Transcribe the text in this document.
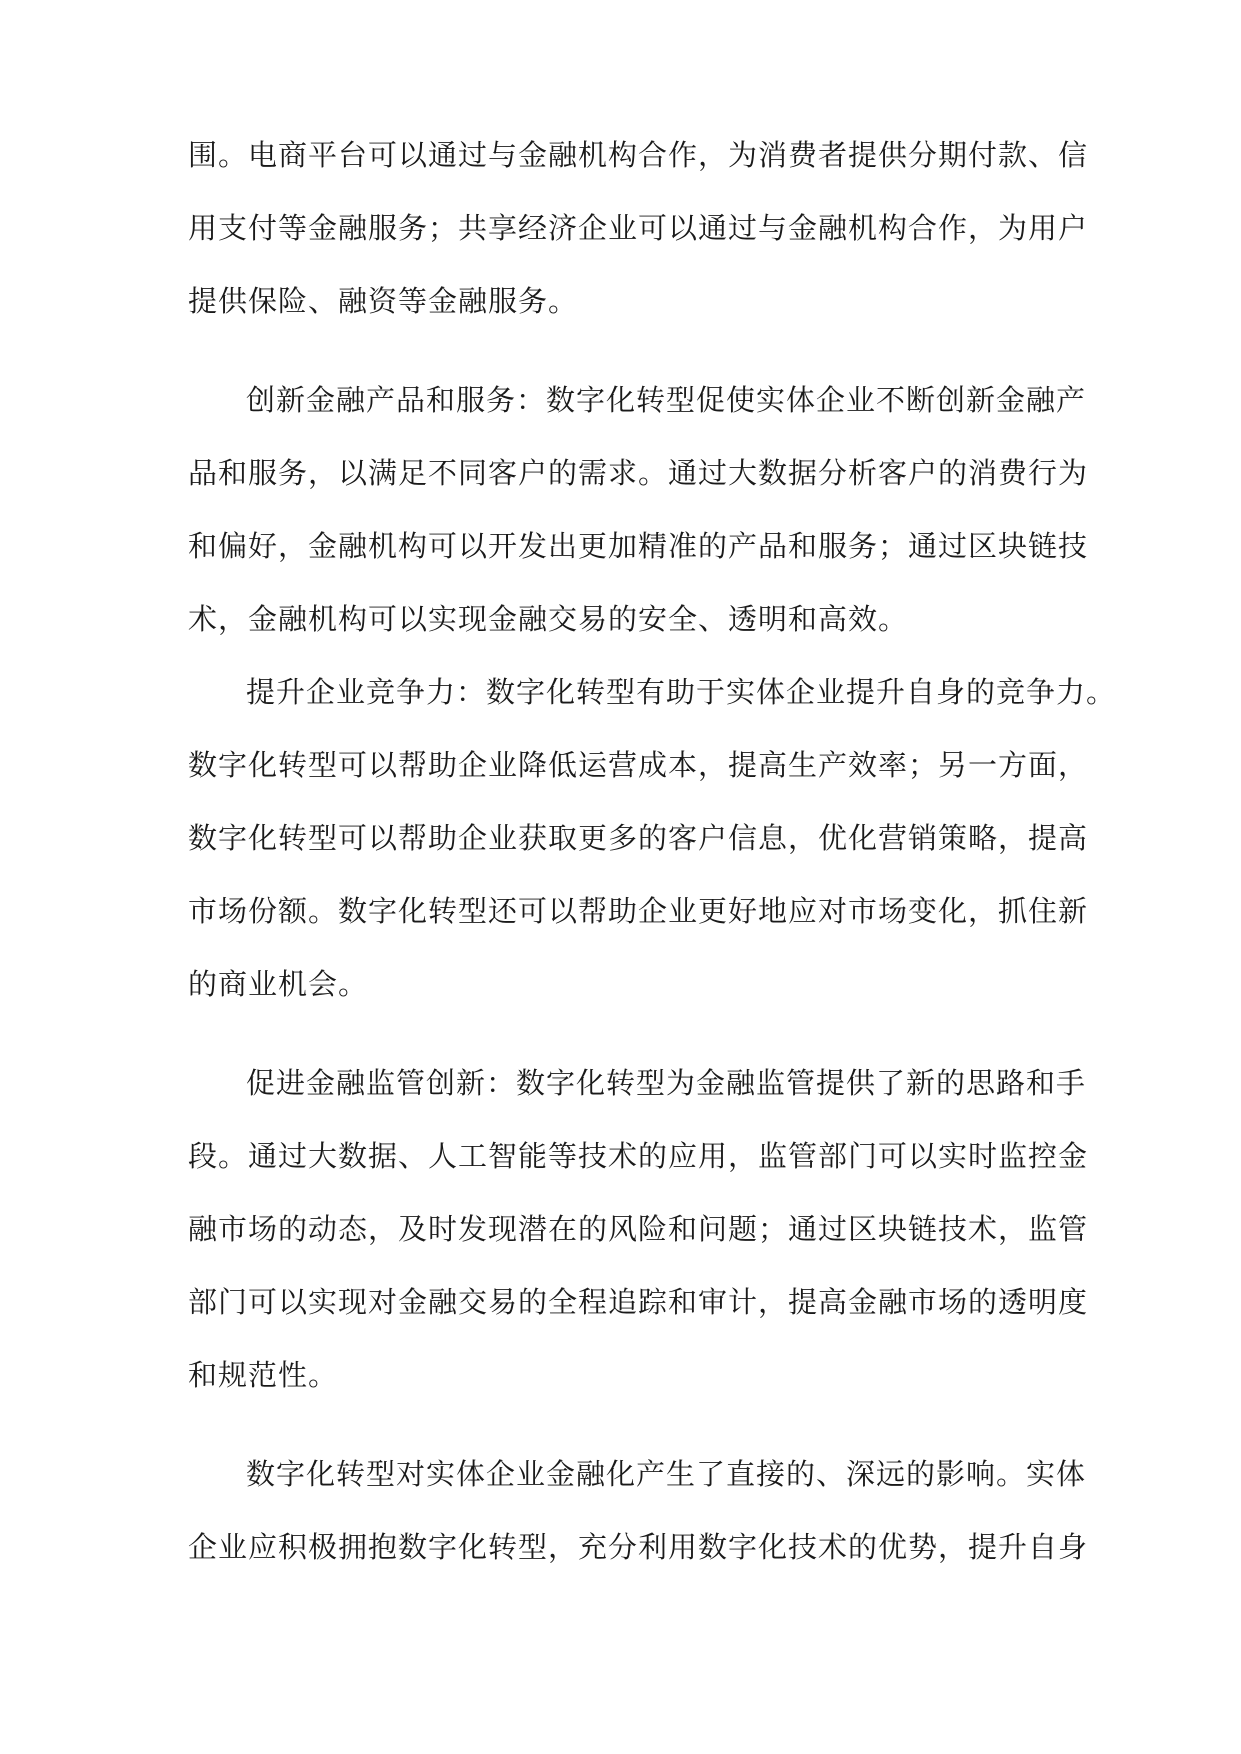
围。电商平台可以通过与金融机构合作，为消费者提供分期付款、信

用支付等金融服务；共享经济企业可以通过与金融机构合作，为用户

提供保险、融资等金融服务。

创新金融产品和服务：数字化转型促使实体企业不断创新金融产

品和服务，以满足不同客户的需求。通过大数据分析客户的消费行为

和偏好，金融机构可以开发出更加精准的产品和服务；通过区块链技

术，金融机构可以实现金融交易的安全、透明和高效。

提升企业竞争力：数字化转型有助于实体企业提升自身的竞争力。

数字化转型可以帮助企业降低运营成本，提高生产效率；另一方面，

数字化转型可以帮助企业获取更多的客户信息，优化营销策略，提高

市场份额。数字化转型还可以帮助企业更好地应对市场变化，抓住新

的商业机会。

促进金融监管创新：数字化转型为金融监管提供了新的思路和手

段。通过大数据、人工智能等技术的应用，监管部门可以实时监控金

融市场的动态，及时发现潜在的风险和问题；通过区块链技术，监管

部门可以实现对金融交易的全程追踪和审计，提高金融市场的透明度

和规范性。

数字化转型对实体企业金融化产生了直接的、深远的影响。实体

企业应积极拥抱数字化转型，充分利用数字化技术的优势，提升自身
